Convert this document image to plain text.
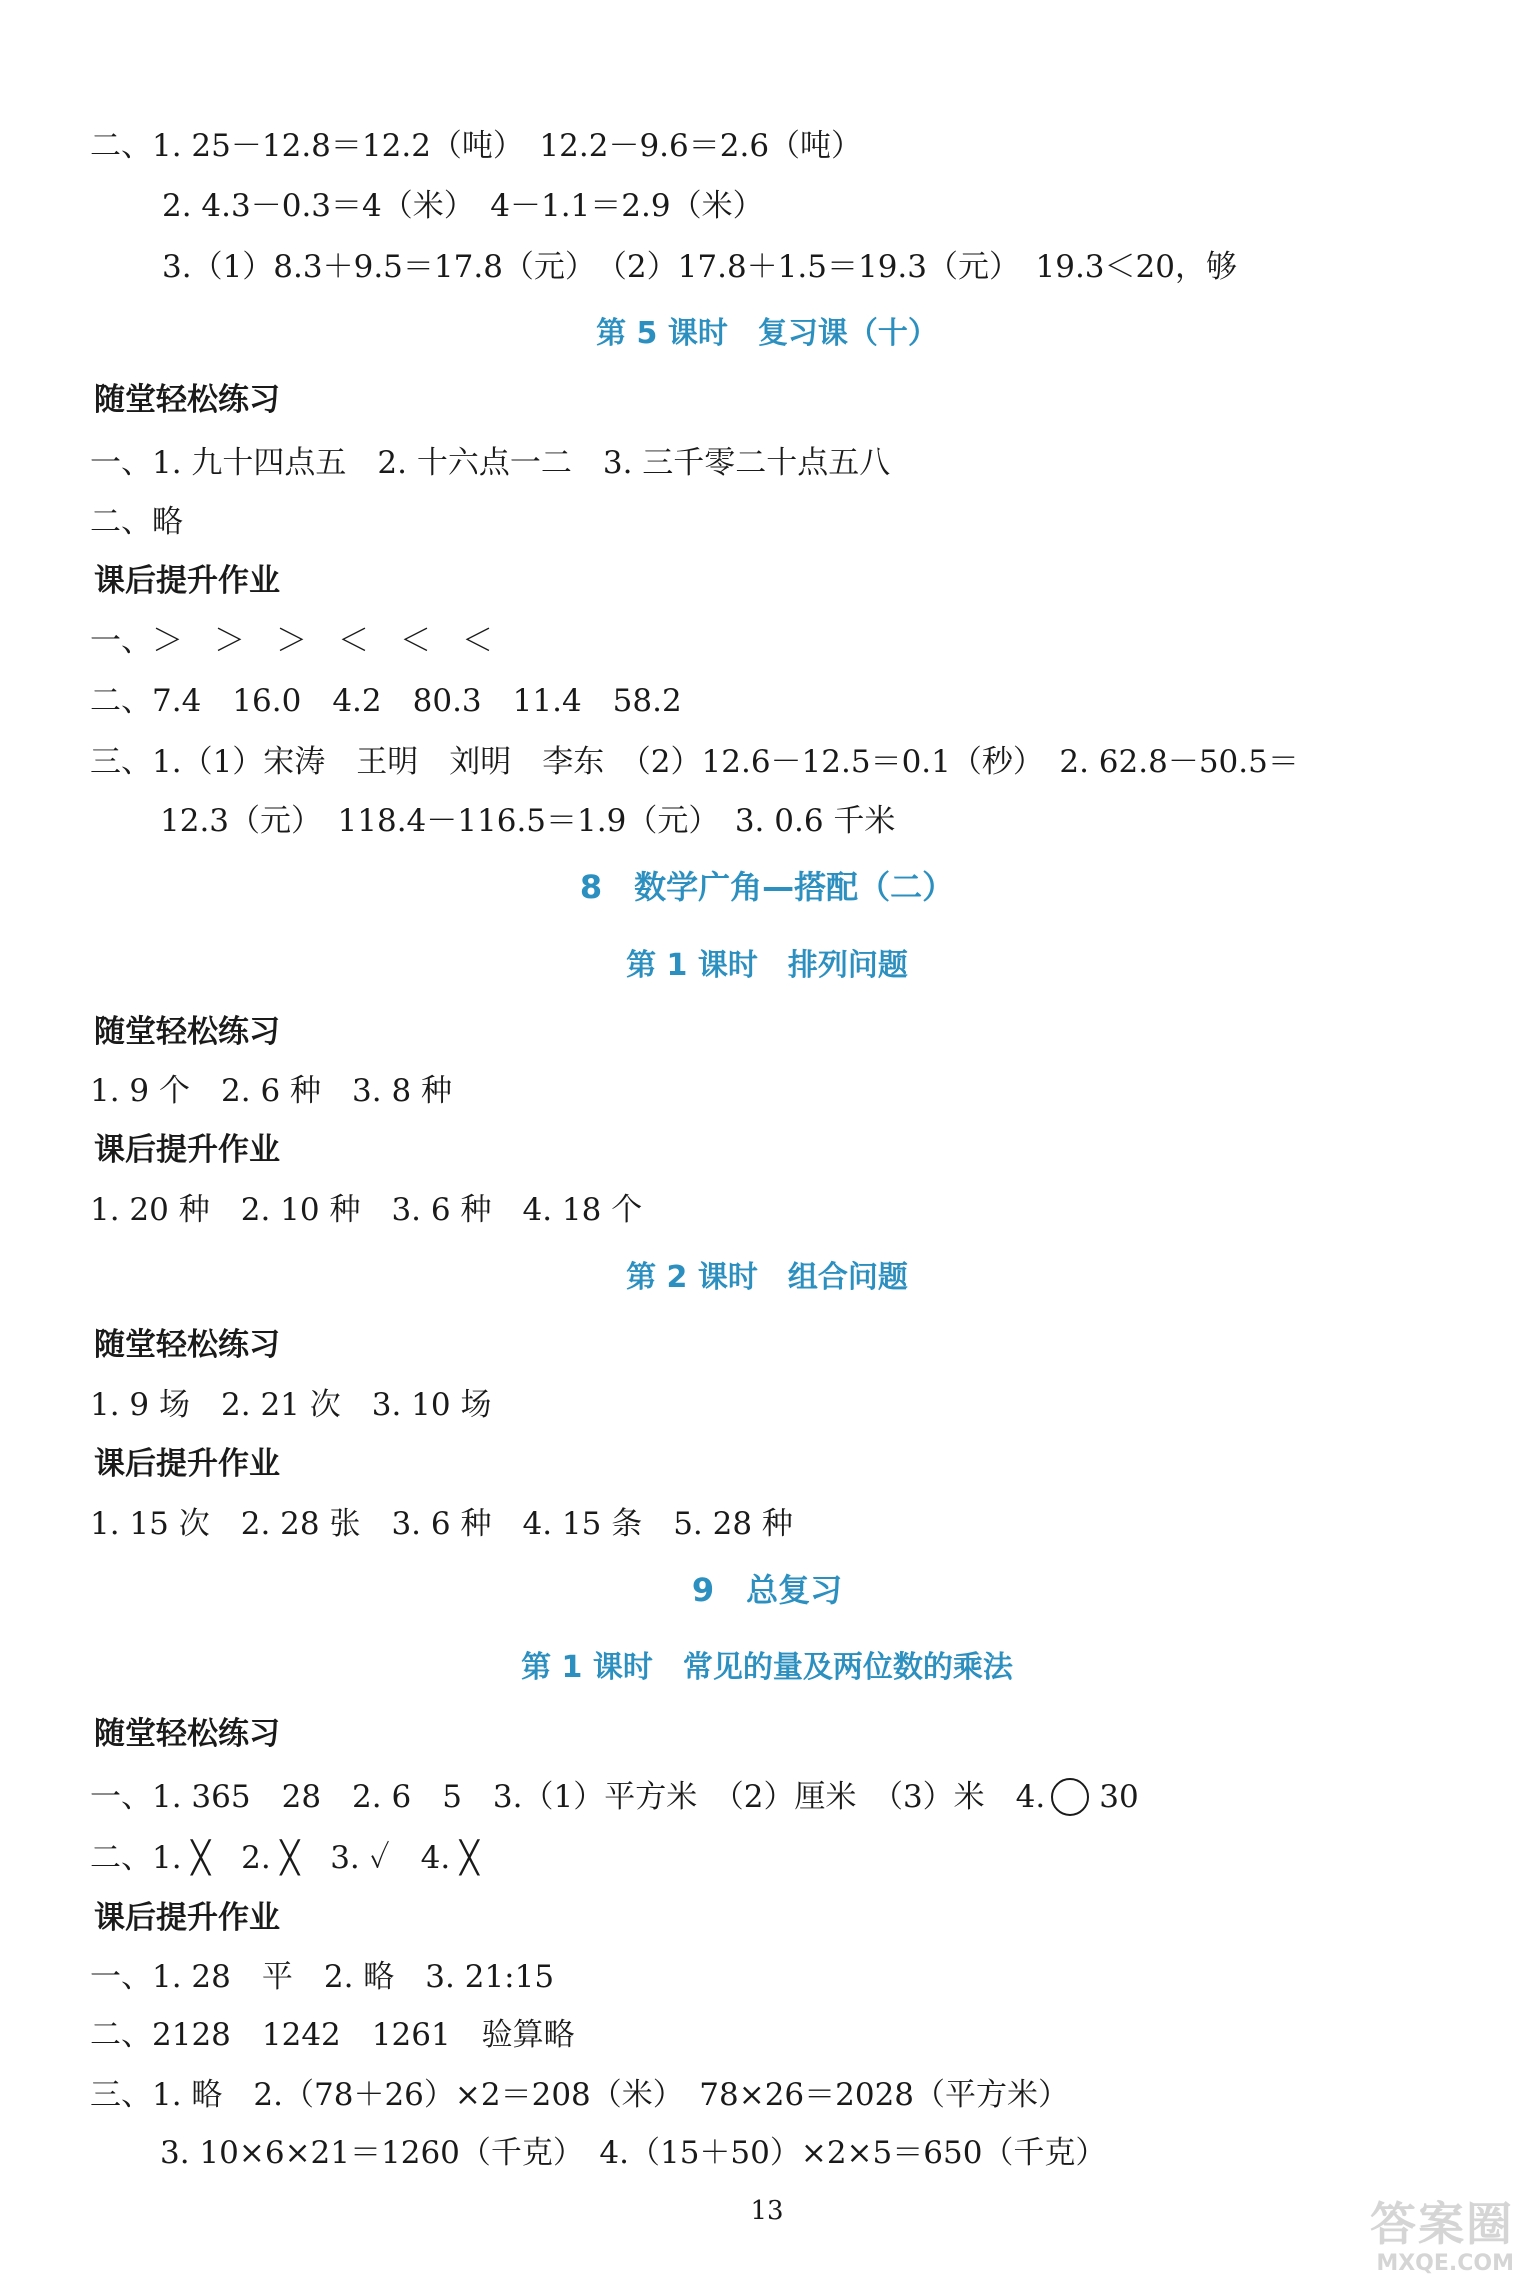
二、1. 25－12.8＝12.2（吨）　12.2－9.6＝2.6（吨）
2. 4.3－0.3＝4（米）　4－1.1＝2.9（米）
3.（1）8.3＋9.5＝17.8（元）　（2）17.8＋1.5＝19.3（元）　19.3＜20，够
第 5 课时　复习课（十）
随堂轻松练习
一、1. 九十四点五　2. 十六点一二　3. 三千零二十点五八
二、略
课后提升作业
一、＞　＞　＞　＜　＜　＜
二、7.4　16.0　4.2　80.3　11.4　58.2
三、1.（1）宋涛　王明　刘明　李东　（2）12.6－12.5＝0.1（秒）　2. 62.8－50.5＝
12.3（元）　118.4－116.5＝1.9（元）　3. 0.6 千米
8　数学广角—搭配（二）
第 1 课时　排列问题
随堂轻松练习
1. 9 个　2. 6 种　3. 8 种
课后提升作业
1. 20 种　2. 10 种　3. 6 种　4. 18 个
第 2 课时　组合问题
随堂轻松练习
1. 9 场　2. 21 次　3. 10 场
课后提升作业
1. 15 次　2. 28 张　3. 6 种　4. 15 条　5. 28 种
9　总复习
第 1 课时　常见的量及两位数的乘法
随堂轻松练习
一、1. 365　28　2. 6　5　3.（1）平方米　（2）厘米　（3）米　4. 30
二、1. ╳　2. ╳　3. ✓　4. ╳
课后提升作业
一、1. 28　平　2. 略　3. 21:15
二、2128　1242　1261　验算略
三、1. 略　2.（78＋26）×2＝208（米）　78×26＝2028（平方米）
3. 10×6×21＝1260（千克）　4.（15＋50）×2×5＝650（千克）
13	答案圈
MXQE.COM
